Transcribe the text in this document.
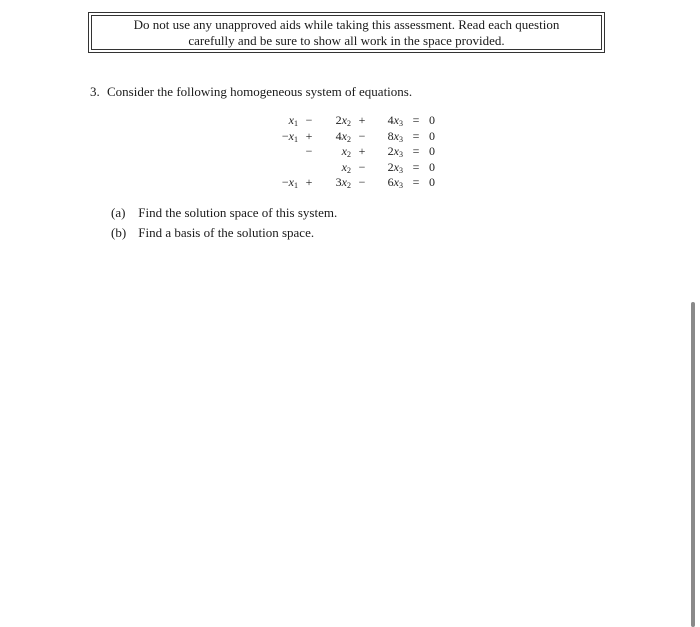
Do not use any unapproved aids while taking this assessment. Read each question
carefully and be sure to show all work in the space provided.
3. Consider the following homogeneous system of equations.
$x_1$	−	$2x_2$	+	$4x_3$	=	0
$-x_1$	+	$4x_2$	−	$8x_3$	=	0
	−	$x_2$	+	$2x_3$	=	0
		$x_2$	−	$2x_3$	=	0
$-x_1$	+	$3x_2$	−	$6x_3$	=	0
(a) Find the solution space of this system.
(b) Find a basis of the solution space.
